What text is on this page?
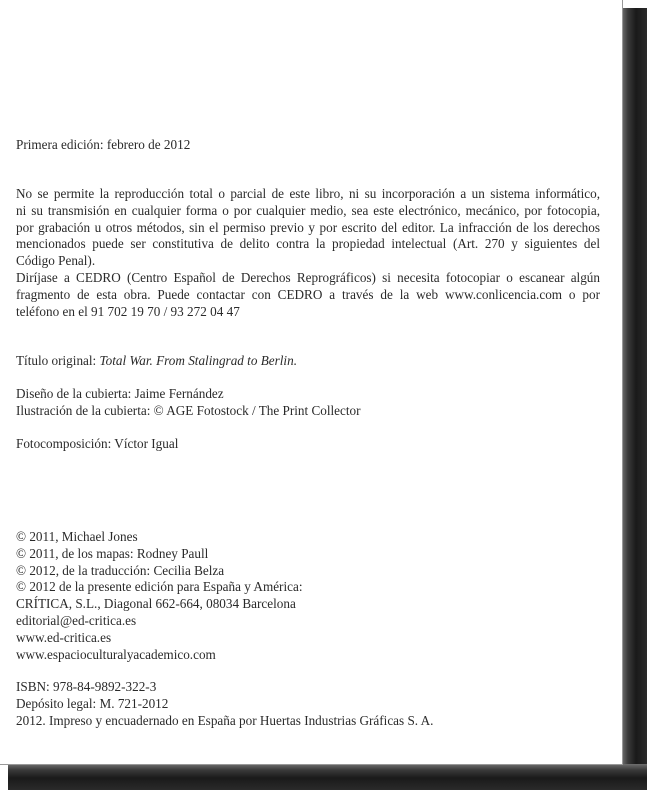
Primera edición: febrero de 2012

No se permite la reproducción total o parcial de este libro, ni su incorporación a un sistema informático,
ni su transmisión en cualquier forma o por cualquier medio, sea este electrónico, mecánico, por fotocopia,
por grabación u otros métodos, sin el permiso previo y por escrito del editor. La infracción de los derechos
mencionados puede ser constitutiva de delito contra la propiedad intelectual (Art. 270 y siguientes del
Código Penal).
Diríjase a CEDRO (Centro Español de Derechos Reprográficos) si necesita fotocopiar o escanear algún
fragmento de esta obra. Puede contactar con CEDRO a través de la web www.conlicencia.com o por
teléfono en el 91 702 19 70 / 93 272 04 47

Título original: Total War. From Stalingrad to Berlin.

Diseño de la cubierta: Jaime Fernández
Ilustración de la cubierta: © AGE Fotostock / The Print Collector

Fotocomposición: Víctor Igual

© 2011, Michael Jones
© 2011, de los mapas: Rodney Paull
© 2012, de la traducción: Cecilia Belza
© 2012 de la presente edición para España y América:
CRÍTICA, S.L., Diagonal 662-664, 08034 Barcelona
editorial@ed-critica.es
www.ed-critica.es
www.espacioculturalyacademico.com
ISBN: 978-84-9892-322-3
Depósito legal: M. 721-2012
2012. Impreso y encuadernado en España por Huertas Industrias Gráficas S. A.
